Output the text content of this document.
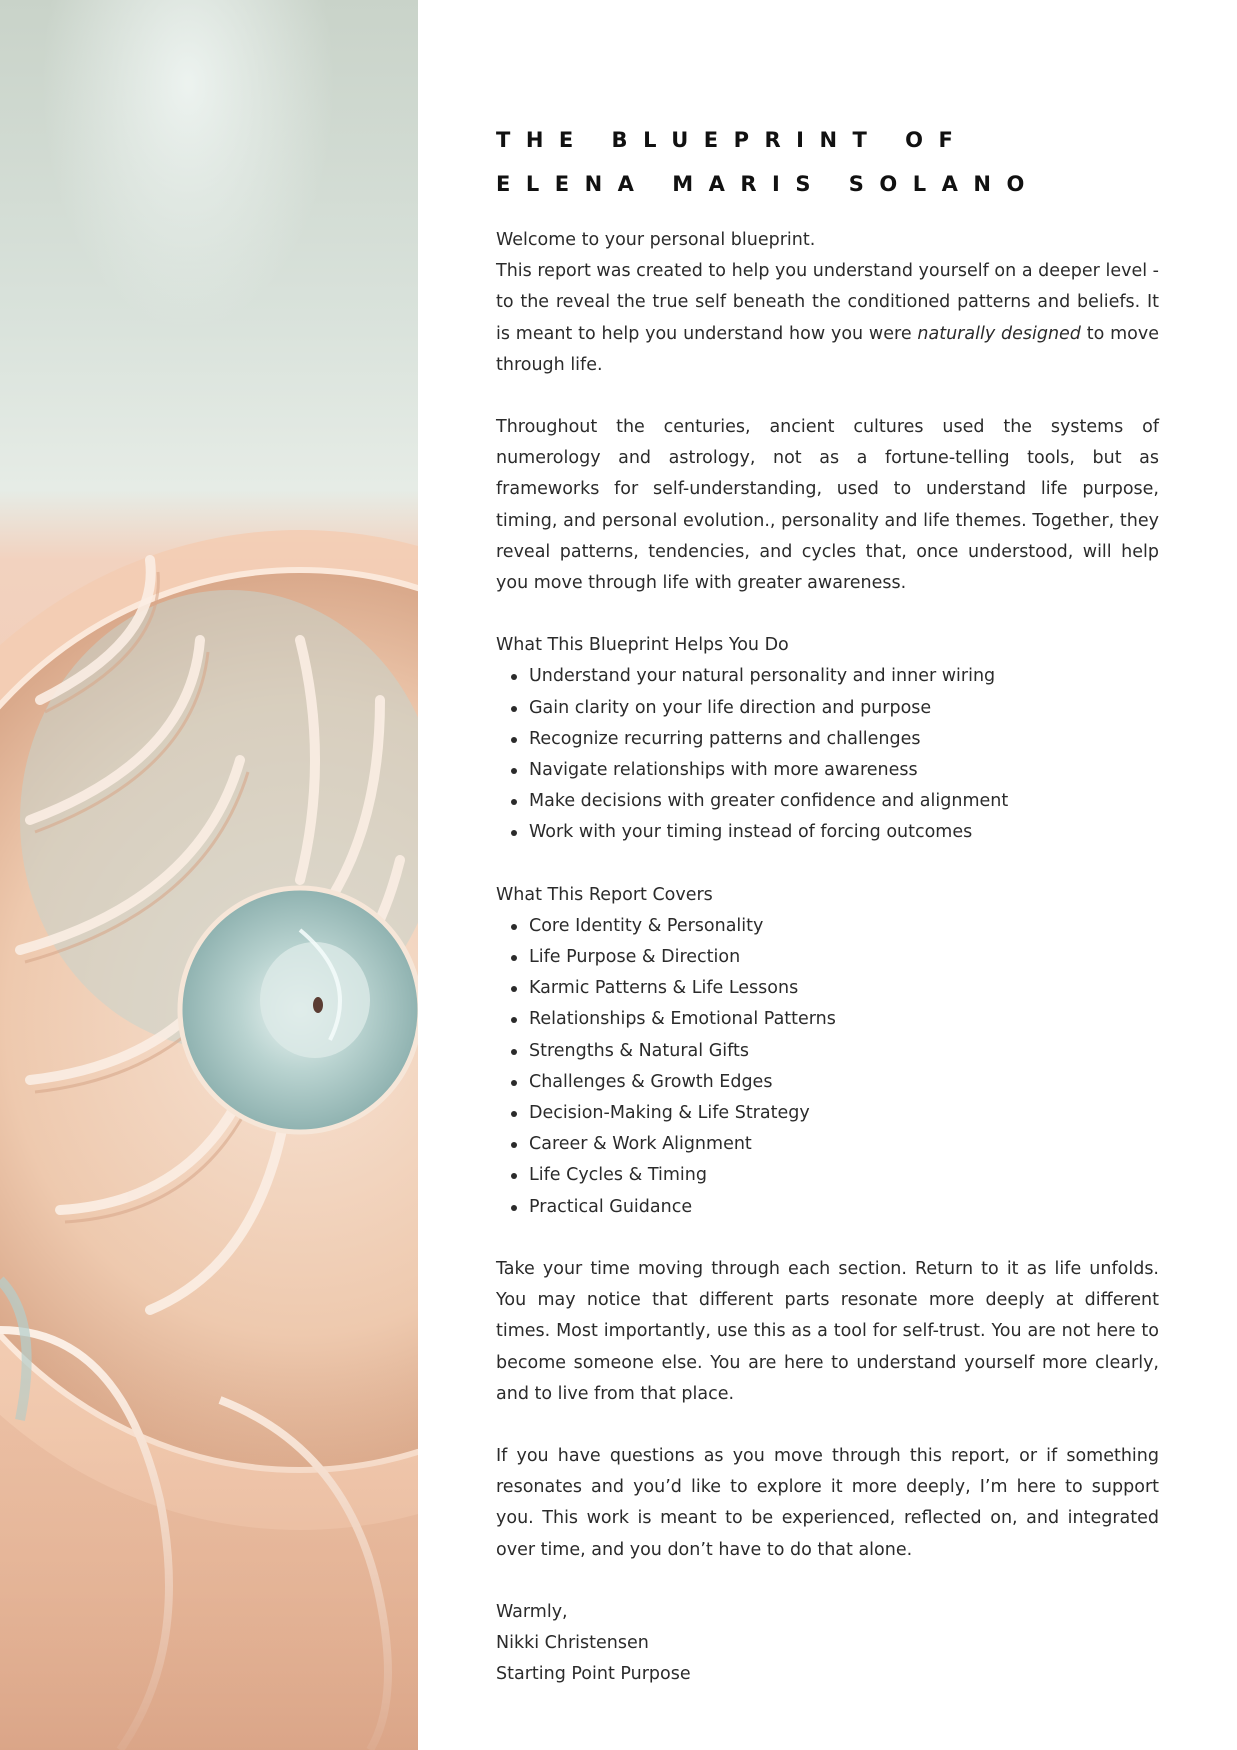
THE BLUEPRINT OF
ELENA MARIS SOLANO
Welcome to your personal blueprint.
This report was created to help you understand yourself on a deeper level - to the reveal the true self beneath the conditioned patterns and beliefs. It is meant to help you understand how you were naturally designed to move through life.
Throughout the centuries, ancient cultures used the systems of numerology and astrology, not as a fortune-telling tools, but as frameworks for self-understanding, used to understand life purpose, timing, and personal evolution., personality and life themes. Together, they reveal patterns, tendencies, and cycles that, once understood, will help you move through life with greater awareness.
What This Blueprint Helps You Do
Understand your natural personality and inner wiring
Gain clarity on your life direction and purpose
Recognize recurring patterns and challenges
Navigate relationships with more awareness
Make decisions with greater confidence and alignment
Work with your timing instead of forcing outcomes
What This Report Covers
Core Identity & Personality
Life Purpose & Direction
Karmic Patterns & Life Lessons
Relationships & Emotional Patterns
Strengths & Natural Gifts
Challenges & Growth Edges
Decision-Making & Life Strategy
Career & Work Alignment
Life Cycles & Timing
Practical Guidance
Take your time moving through each section. Return to it as life unfolds. You may notice that different parts resonate more deeply at different times. Most importantly, use this as a tool for self-trust. You are not here to become someone else. You are here to understand yourself more clearly, and to live from that place.
If you have questions as you move through this report, or if something resonates and you’d like to explore it more deeply, I’m here to support you. This work is meant to be experienced, reflected on, and integrated over time, and you don’t have to do that alone.
Warmly,
Nikki Christensen
Starting Point Purpose
